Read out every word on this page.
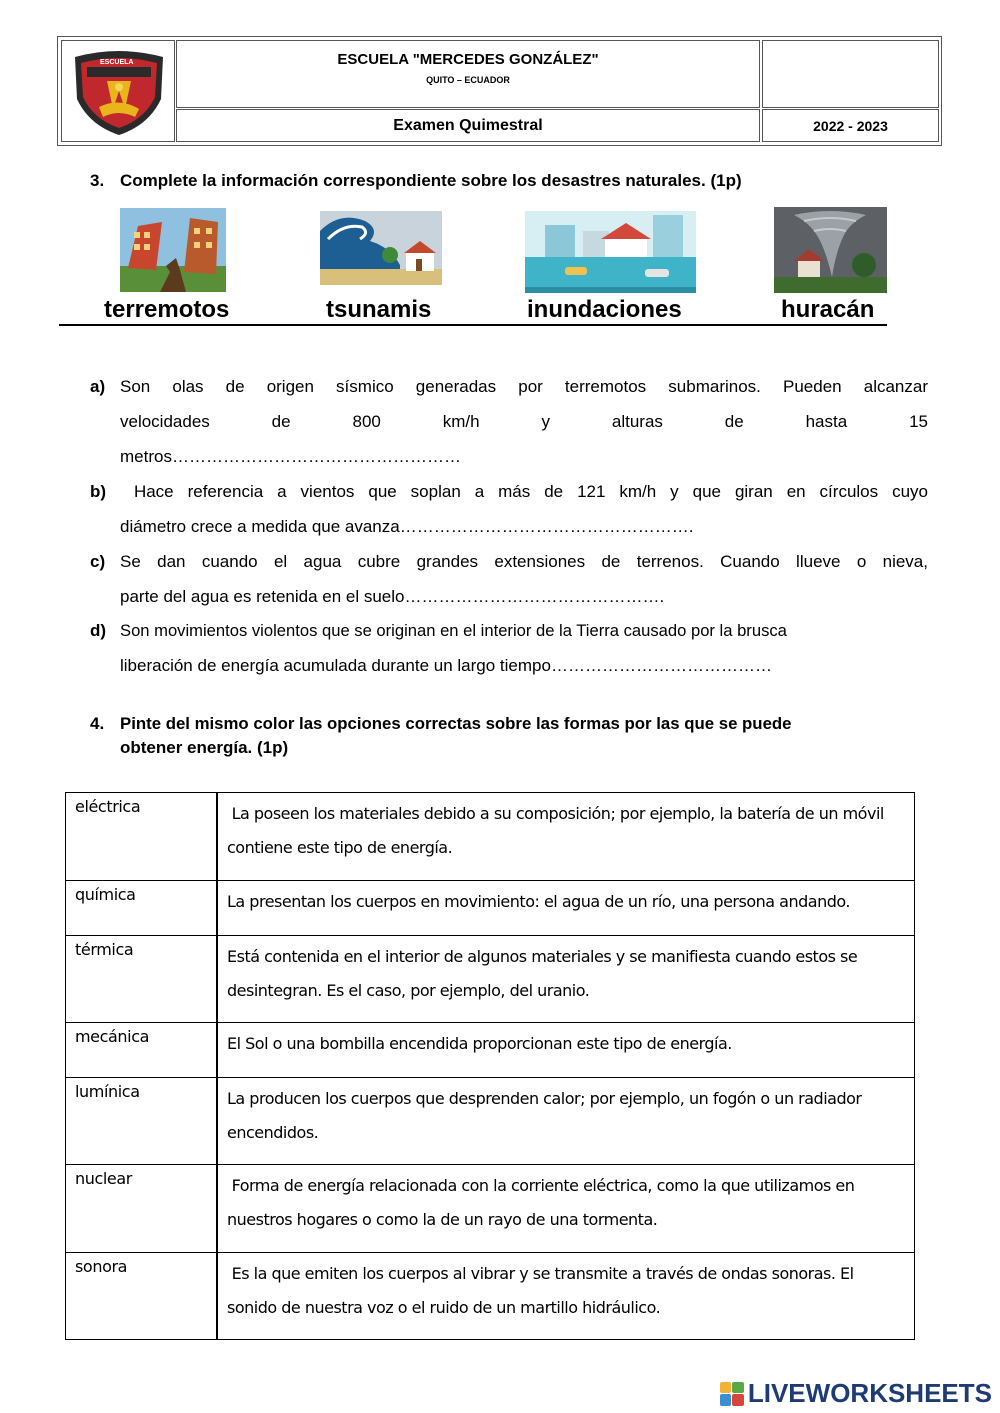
ESCUELA	ESCUELA "MERCEDES GONZÁLEZ"
QUITO – ECUADOR
Examen Quimestral	2022 - 2023
3. Complete la información correspondiente sobre los desastres naturales. (1p)
terremotos	tsunamis	inundaciones	huracán
a) Son olas de origen sísmico generadas por terremotos submarinos. Pueden alcanzar
velocidades de 800 km/h y alturas de hasta 15
metros……………………………………………
b) Hace referencia a vientos que soplan a más de 121 km/h y que giran en círculos cuyo
diámetro crece a medida que avanza…………………………………………….
c) Se dan cuando el agua cubre grandes extensiones de terrenos. Cuando llueve o nieva,
parte del agua es retenida en el suelo……………………………………….
d) Son movimientos violentos que se originan en el interior de la Tierra causado por la brusca
liberación de energía acumulada durante un largo tiempo…………………………………
4. Pinte del mismo color las opciones correctas sobre las formas por las que se puede
obtener energía. (1p)
eléctrica	La poseen los materiales debido a su composición; por ejemplo, la batería de un móvil
contiene este tipo de energía.
química	La presentan los cuerpos en movimiento: el agua de un río, una persona andando.
térmica	Está contenida en el interior de algunos materiales y se manifiesta cuando estos se
desintegran. Es el caso, por ejemplo, del uranio.
mecánica	El Sol o una bombilla encendida proporcionan este tipo de energía.
lumínica	La producen los cuerpos que desprenden calor; por ejemplo, un fogón o un radiador
encendidos.
nuclear	Forma de energía relacionada con la corriente eléctrica, como la que utilizamos en
nuestros hogares o como la de un rayo de una tormenta.
sonora	Es la que emiten los cuerpos al vibrar y se transmite a través de ondas sonoras. El
sonido de nuestra voz o el ruido de un martillo hidráulico.
LIVEWORKSHEETS
